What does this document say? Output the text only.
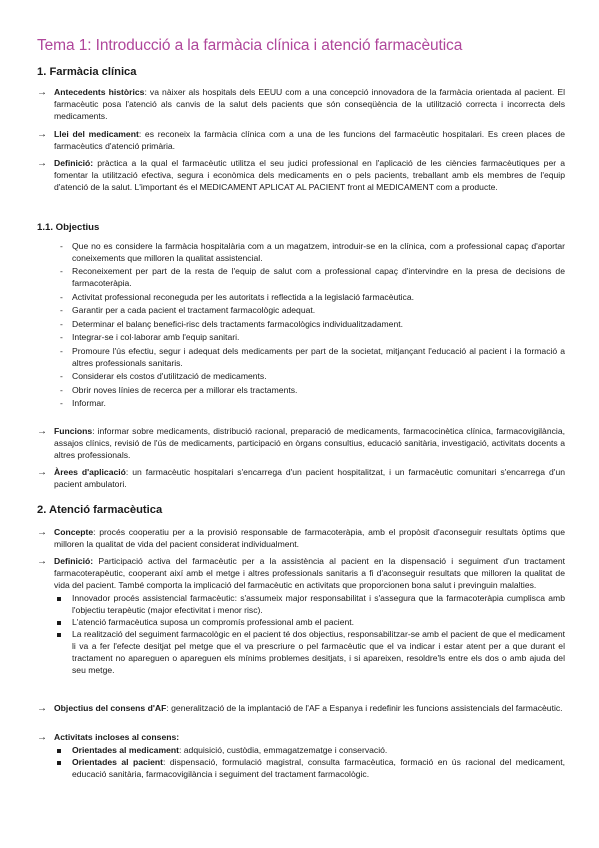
Tema 1: Introducció a la farmàcia clínica i atenció farmacèutica
1. Farmàcia clínica
→ Antecedents històrics: va nàixer als hospitals dels EEUU com a una concepció innovadora de la farmàcia orientada al pacient. El farmacèutic posa l'atenció als canvis de la salut dels pacients que són conseqüència de la utilització correcta i incorrecta dels medicaments.
→ Llei del medicament: es reconeix la farmàcia clínica com a una de les funcions del farmacèutic hospitalari. Es creen places de farmacèutics d'atenció primària.
→ Definició: pràctica a la qual el farmacèutic utilitza el seu judici professional en l'aplicació de les ciències farmacèutiques per a fomentar la utilització efectiva, segura i econòmica dels medicaments en o pels pacients, treballant amb els membres de l'equip d'atenció de la salut. L'important és el MEDICAMENT APLICAT AL PACIENT front al MEDICAMENT com a producte.
1.1. Objectius
- Que no es considere la farmàcia hospitalària com a un magatzem, introduir-se en la clínica, com a professional capaç d'aportar coneixements que milloren la qualitat assistencial.
- Reconeixement per part de la resta de l'equip de salut com a professional capaç d'intervindre en la presa de decisions de farmacoteràpia.
- Activitat professional reconeguda per les autoritats i reflectida a la legislació farmacèutica.
- Garantir per a cada pacient el tractament farmacològic adequat.
- Determinar el balanç benefici-risc dels tractaments farmacològics individualitzadament.
- Integrar-se i col·laborar amb l'equip sanitari.
- Promoure l'ús efectiu, segur i adequat dels medicaments per part de la societat, mitjançant l'educació al pacient i la formació a altres professionals sanitaris.
- Considerar els costos d'utilització de medicaments.
- Obrir noves línies de recerca per a millorar els tractaments.
- Informar.
→ Funcions: informar sobre medicaments, distribució racional, preparació de medicaments, farmacocinètica clínica, farmacovigilància, assajos clínics, revisió de l'ús de medicaments, participació en òrgans consultius, educació sanitària, investigació, activitats docents a altres professionals.
→ Àrees d'aplicació: un farmacèutic hospitalari s'encarrega d'un pacient hospitalitzat, i un farmacèutic comunitari s'encarrega d'un pacient ambulatori.
2. Atenció farmacèutica
→ Concepte: procés cooperatiu per a la provisió responsable de farmacoteràpia, amb el propòsit d'aconseguir resultats òptims que milloren la qualitat de vida del pacient considerat individualment.
→ Definició: Participació activa del farmacèutic per a la assistència al pacient en la dispensació i seguiment d'un tractament farmacoterapèutic, cooperant així amb el metge i altres professionals sanitaris a fi d'aconseguir resultats que milloren la qualitat de vida del pacient. També comporta la implicació del farmacèutic en activitats que proporcionen bona salut i previnguin malalties.
Innovador procés assistencial farmacèutic: s'assumeix major responsabilitat i s'assegura que la farmacoteràpia cumplisca amb l'objectiu terapèutic (major efectivitat i menor risc).
L'atenció farmacèutica suposa un compromís professional amb el pacient.
La realització del seguiment farmacològic en el pacient té dos objectius, responsabilitzar-se amb el pacient de que el medicament li va a fer l'efecte desitjat pel metge que el va prescriure o pel farmacèutic que el va indicar i estar atent per a que durant el tractament no apareguen o apareguen els mínims problemes desitjats, i si apareixen, resoldre'ls entre els dos o amb ajuda del seu metge.
→ Objectius del consens d'AF: generalització de la implantació de l'AF a Espanya i redefinir les funcions assistencials del farmacèutic.
→ Activitats incloses al consens:
Orientades al medicament: adquisició, custòdia, emmagatzematge i conservació.
Orientades al pacient: dispensació, formulació magistral, consulta farmacèutica, formació en ús racional del medicament, educació sanitària, farmacovigilància i seguiment del tractament farmacològic.
